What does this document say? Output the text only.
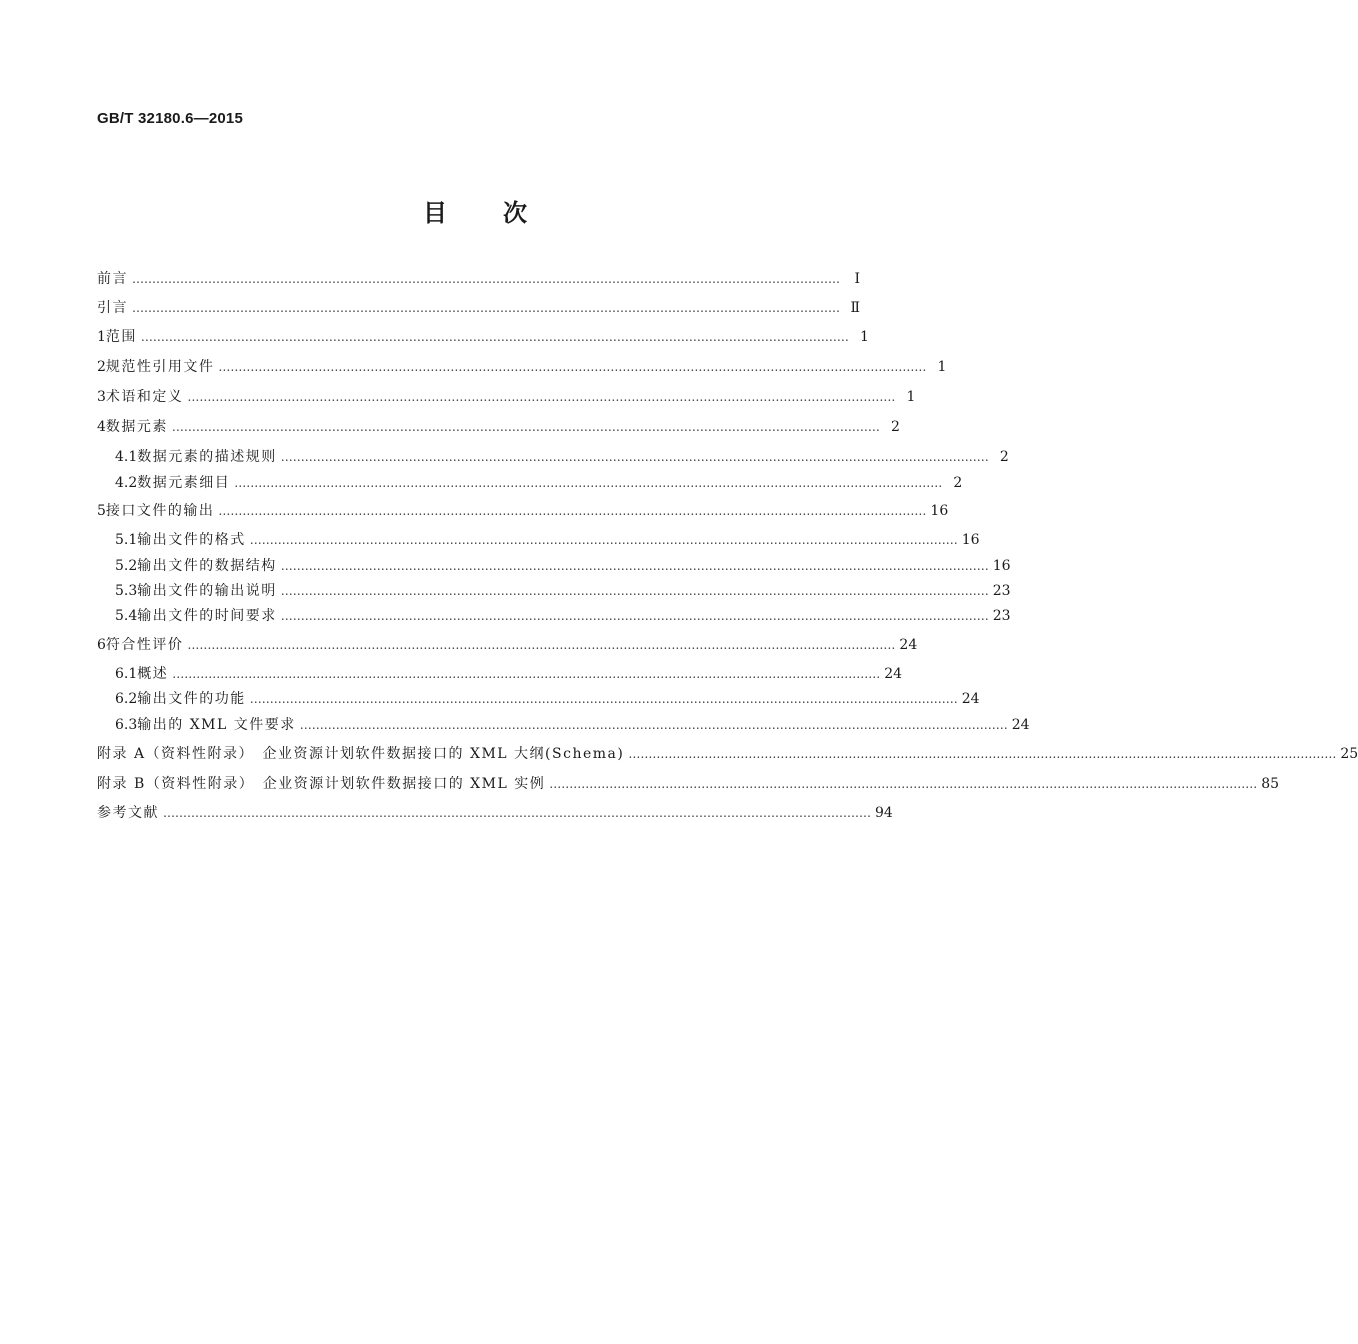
GB/T 32180.6—2015
目 次
前言 ……………………………………………………………………………………………………………………………………………………………	Ⅰ
引言 …………………………………………………………………………………………………………………………………………………………… Ⅱ
1 范围 …………………………………………………………………………………………………………………………………………………………… 1
2 规范性引用文件 …………………………………………………………………………………………………………………………………………………………… 1
3 术语和定义 …………………………………………………………………………………………………………………………………………………………… 1
4 数据元素 …………………………………………………………………………………………………………………………………………………………… 2
4.1 数据元素的描述规则 …………………………………………………………………………………………………………………………………………………………… 2
4.2 数据元素细目 …………………………………………………………………………………………………………………………………………………………… 2
5 接口文件的输出 …………………………………………………………………………………………………………………………………………………………… 16
5.1 输出文件的格式 …………………………………………………………………………………………………………………………………………………………… 16
5.2 输出文件的数据结构 …………………………………………………………………………………………………………………………………………………………… 16
5.3 输出文件的输出说明 …………………………………………………………………………………………………………………………………………………………… 23
5.4 输出文件的时间要求 …………………………………………………………………………………………………………………………………………………………… 23
6 符合性评价 …………………………………………………………………………………………………………………………………………………………… 24
6.1 概述 …………………………………………………………………………………………………………………………………………………………… 24
6.2 输出文件的功能 …………………………………………………………………………………………………………………………………………………………… 24
6.3 输出的 XML 文件要求 …………………………………………………………………………………………………………………………………………………………… 24
附录 A（资料性附录）　企业资源计划软件数据接口的 XML 大纲(Schema) …………………………………………………………………………………………………………………………………………………………… 25
附录 B（资料性附录）　企业资源计划软件数据接口的 XML 实例 …………………………………………………………………………………………………………………………………………………………… 85
参考文献 …………………………………………………………………………………………………………………………………………………………… 94
